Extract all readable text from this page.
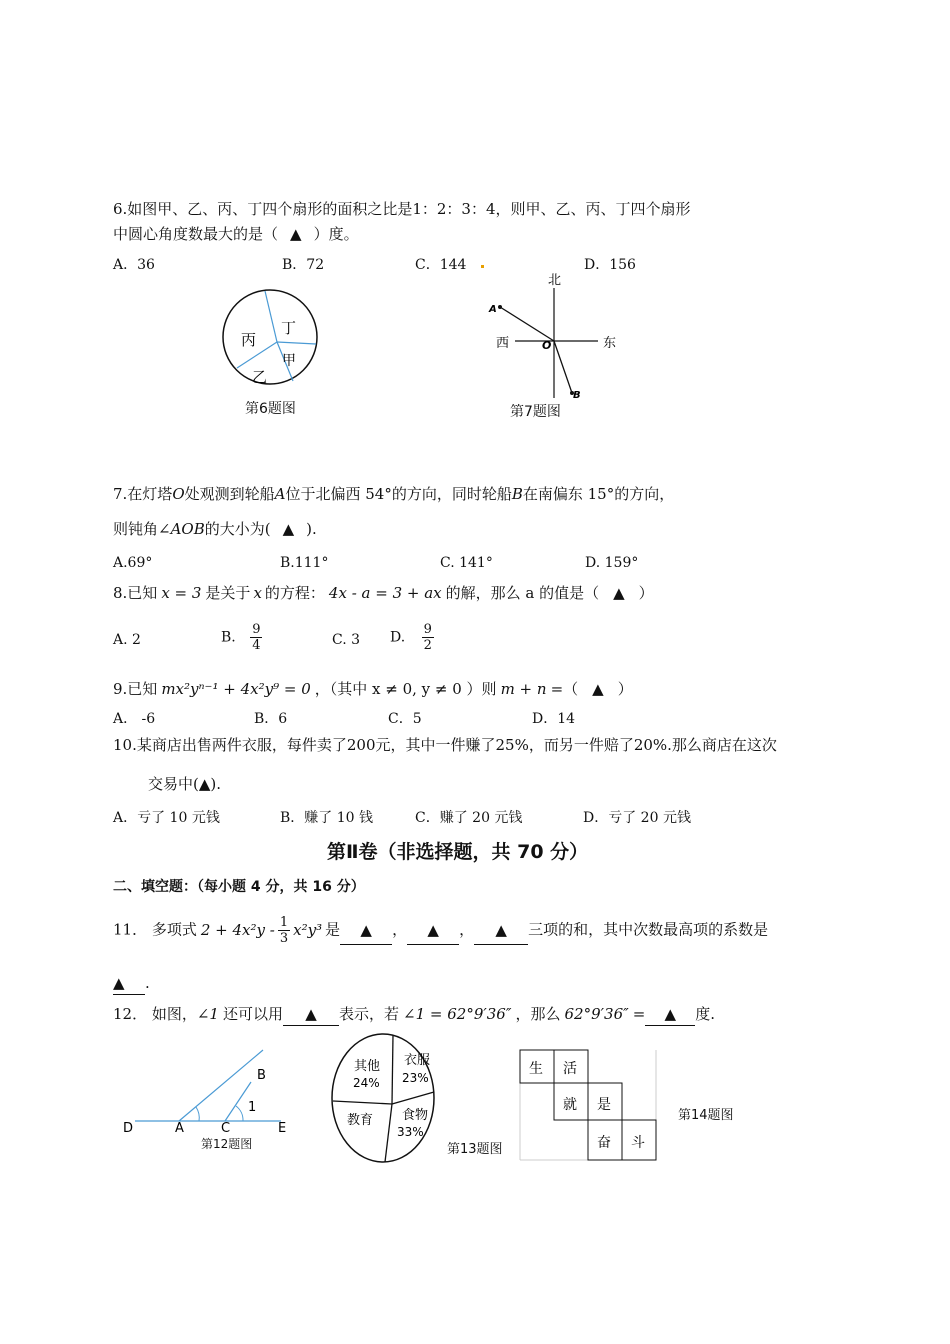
6.如图甲、乙、丙、丁四个扇形的面积之比是1：2：3：4，则甲、乙、丙、丁四个扇形
中圆心角度数最大的是（ ▲ ）度。
A．36	B．72	C．144	D．156
丙
丁
甲
乙
第6题图
北
西	东
A
B
O
第7题图
7.在灯塔O处观测到轮船A位于北偏西 54°的方向，同时轮船B在南偏东 15°的方向，
则钝角∠AOB的大小为( ▲ ).
A.69°	B.111°	C. 141°	D. 159°
8.已知 x = 3 是关于 x 的方程： 4x - a = 3 + ax 的解，那么 a 的值是（ ▲ ）
A. 2	B. $\frac{9}{4}$	C. 3 D. $\frac{9}{2}$
9.已知 mx²yⁿ⁻¹ + 4x²y⁹ = 0 ，（其中 x ≠ 0, y ≠ 0 ）则 m + n =（ ▲ ）
A． -6	B．6	C．5	D．14
10.某商店出售两件衣服，每件卖了200元，其中一件赚了25%，而另一件赔了20%.那么商店在这次
交易中(▲).
A．亏了 10 元钱	B．赚了 10 钱	C．赚了 20 元钱	D．亏了 20 元钱
第Ⅱ卷（非选择题，共 70 分）
二、填空题：（每小题 4 分，共 16 分）
11． 多项式 $2 + 4x^2y - \frac{1}{3} x^2y^3$ 是 ▲ ， ▲ ， ▲ 三项的和，其中次数最高项的系数是
▲ .
12． 如图，∠1 还可以用 ▲ 表示，若 ∠1 = 62°9′36″ ，那么 62°9′36″ = ▲ 度.
D	A	C	E
B
1
第12题图
其他
24%
衣服
23%
教育 食物
33%
第13题图
生 活
就 是
奋 斗
第14题图
